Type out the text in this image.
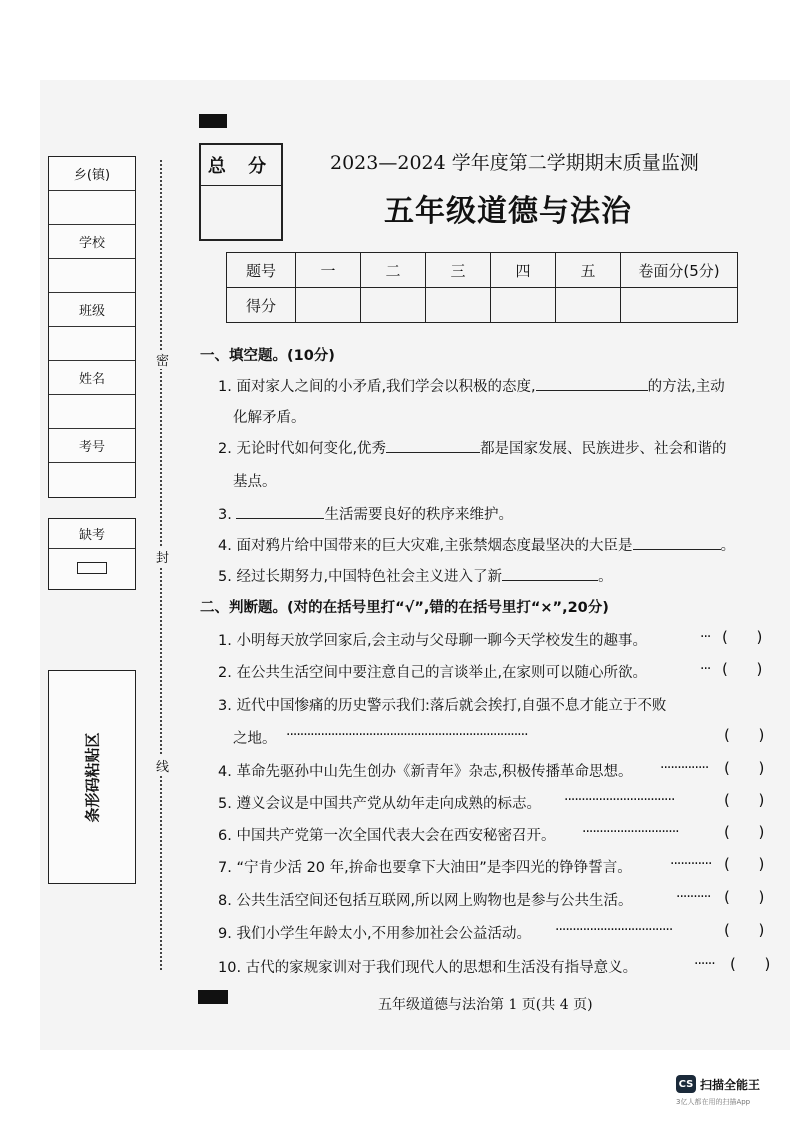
乡(镇)
学校
班级
姓名
考号
缺考
条形码粘贴区
密
封
线
总 分	2023—2024 学年度第二学期期末质量监测
五年级道德与法治
题号	一	二	三	四	五	卷面分(5分)
得分						
一、填空题。(10分)
1. 面对家人之间的小矛盾,我们学会以积极的态度,	的方法,主动
化解矛盾。
2. 无论时代如何变化,优秀	都是国家发展、民族进步、社会和谐的
基点。
3.	生活需要良好的秩序来维护。
4. 面对鸦片给中国带来的巨大灾难,主张禁烟态度最坚决的大臣是	。
5. 经过长期努力,中国特色社会主义进入了新	。
二、判断题。(对的在括号里打“√”,错的在括号里打“×”,20分)
1. 小明每天放学回家后,会主动与父母聊一聊今天学校发生的趣事。	··· (      )
2. 在公共生活空间中要注意自己的言谈举止,在家则可以随心所欲。	··· (      )
3. 近代中国惨痛的历史警示我们:落后就会挨打,自强不息才能立于不败
之地。 ······································································	(      )
4. 革命先驱孙中山先生创办《新青年》杂志,积极传播革命思想。 ·············· (      )
5. 遵义会议是中国共产党从幼年走向成熟的标志。 ································	(      )
6. 中国共产党第一次全国代表大会在西安秘密召开。 ····························	(      )
7. “宁肯少活 20 年,拚命也要拿下大油田”是李四光的铮铮誓言。	············ (      )
8. 公共生活空间还包括互联网,所以网上购物也是参与公共生活。	·········· (      )
9. 我们小学生年龄太小,不用参加社会公益活动。 ··································	(      )
10. 古代的家规家训对于我们现代人的思想和生活没有指导意义。	······ (      )
五年级道德与法治第 1 页(共 4 页)
CS 扫描全能王
3亿人都在用的扫描App
